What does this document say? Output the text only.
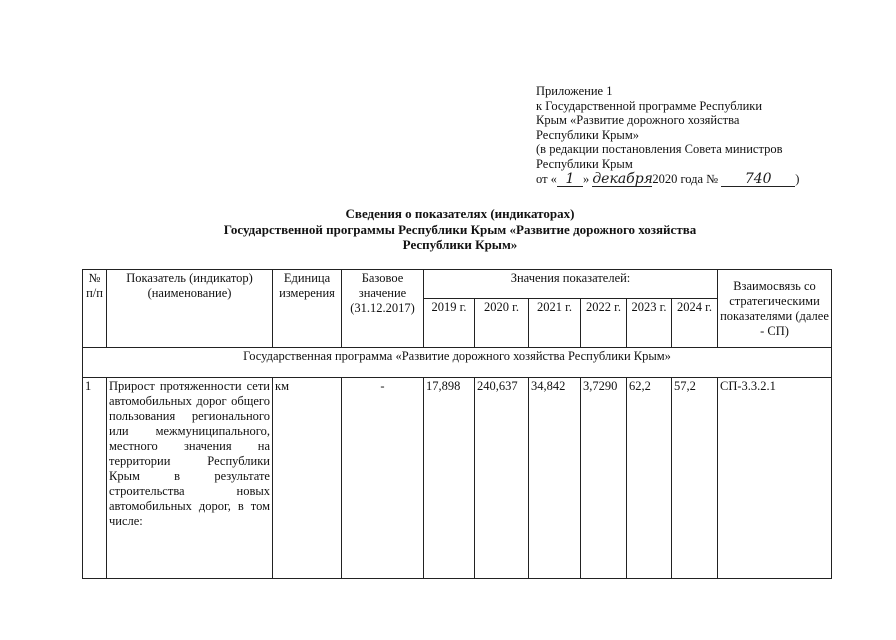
Приложение 1
к Государственной программе Республики
Крым «Развитие дорожного хозяйства
Республики Крым»
(в редакции постановления Совета министров
Республики Крым
от « 1 » декабря2020 года № 740 )
Сведения о показателях (индикаторах)
Государственной программы Республики Крым «Развитие дорожного хозяйства
Республики Крым»
№ п/п	Показатель (индикатор) (наименование)	Единица измерения	Базовое значение (31.12.2017)	Значения показателей:						Взаимосвязь со стратегическими показателями (далее - СП)
				2019 г.	2020 г.	2021 г.	2022 г.	2023 г.	2024 г.	
Государственная программа «Развитие дорожного хозяйства Республики Крым»										
1	Прирост протяженности сети автомобильных дорог общего пользования регионального или межмуниципального, местного значения на территории Республики Крым в результате строительства новых автомобильных дорог, в том числе:	км	-	17,898	240,637	34,842	3,7290	62,2	57,2	СП-3.3.2.1
